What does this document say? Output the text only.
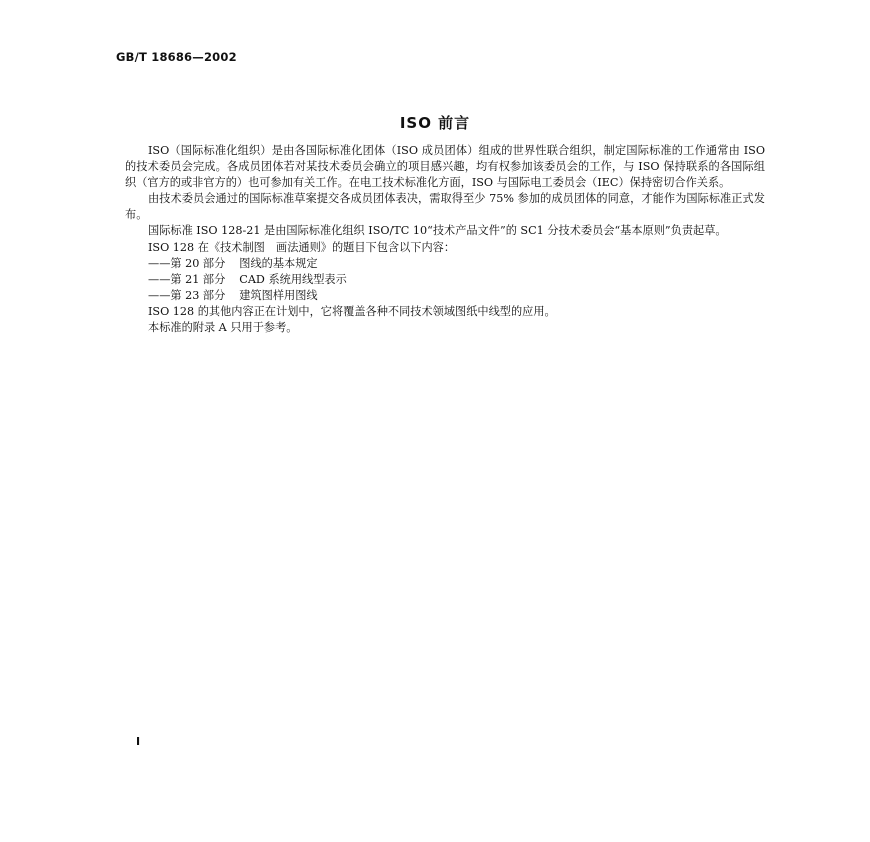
GB/T 18686—2002
ISO 前言

ISO（国际标准化组织）是由各国际标准化团体（ISO 成员团体）组成的世界性联合组织，制定国际标准的工作通常由 ISO 的技术委员会完成。各成员团体若对某技术委员会确立的项目感兴趣，均有权参加该委员会的工作，与 ISO 保持联系的各国际组织（官方的或非官方的）也可参加有关工作。在电工技术标准化方面，ISO 与国际电工委员会（IEC）保持密切合作关系。

由技术委员会通过的国际标准草案提交各成员团体表决，需取得至少 75% 参加的成员团体的同意，才能作为国际标准正式发布。

国际标准 ISO 128-21 是由国际标准化组织 ISO/TC 10“技术产品文件”的 SC1 分技术委员会“基本原则”负责起草。

ISO 128 在《技术制图　画法通则》的题目下包含以下内容：

——第 20 部分 图线的基本规定
——第 21 部分 CAD 系统用线型表示
——第 23 部分 建筑图样用图线

ISO 128 的其他内容正在计划中，它将覆盖各种不同技术领域图纸中线型的应用。

本标准的附录 A 只用于参考。

I
